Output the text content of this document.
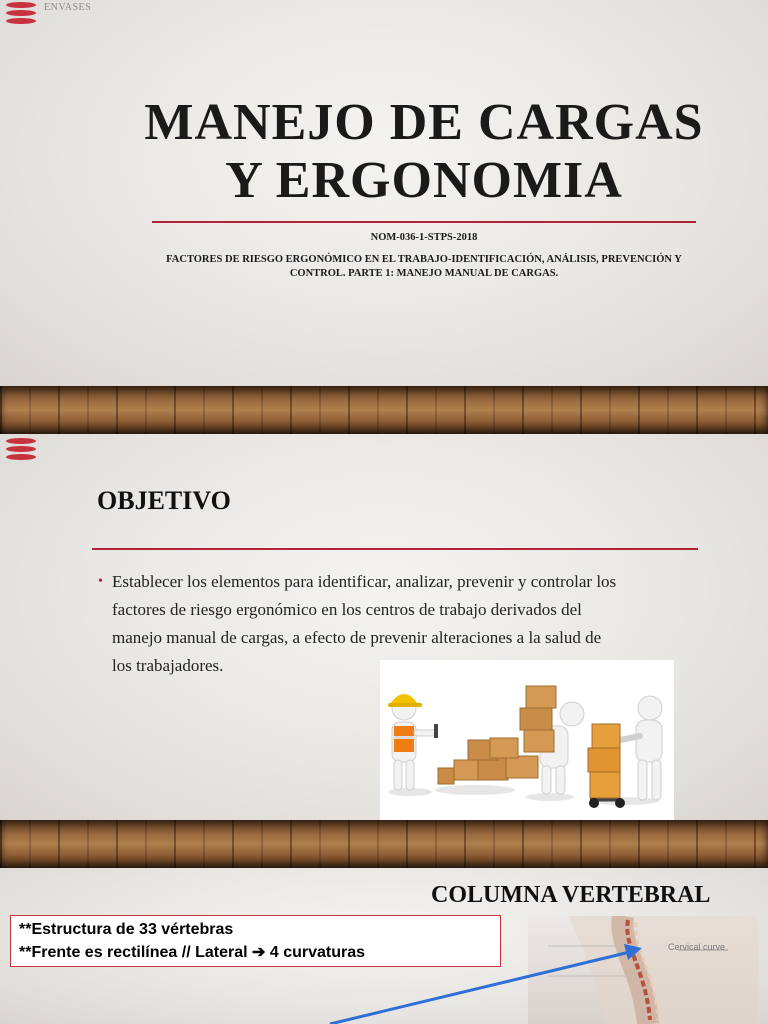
ENVASES
MANEJO DE CARGAS
Y ERGONOMIA
NOM-036-1-STPS-2018
FACTORES DE RIESGO ERGONÓMICO EN EL TRABAJO-IDENTIFICACIÓN, ANÁLISIS, PREVENCIÓN Y
CONTROL. PARTE 1: MANEJO MANUAL DE CARGAS.
OBJETIVO
• Establecer los elementos para identificar, analizar, prevenir y controlar los
factores de riesgo ergonómico en los centros de trabajo derivados del
manejo manual de cargas, a efecto de prevenir alteraciones a la salud de
los trabajadores.
COLUMNA VERTEBRAL
**Estructura de 33 vértebras
**Frente es rectilínea // Lateral ➔ 4 curvaturas	Cervical curve
